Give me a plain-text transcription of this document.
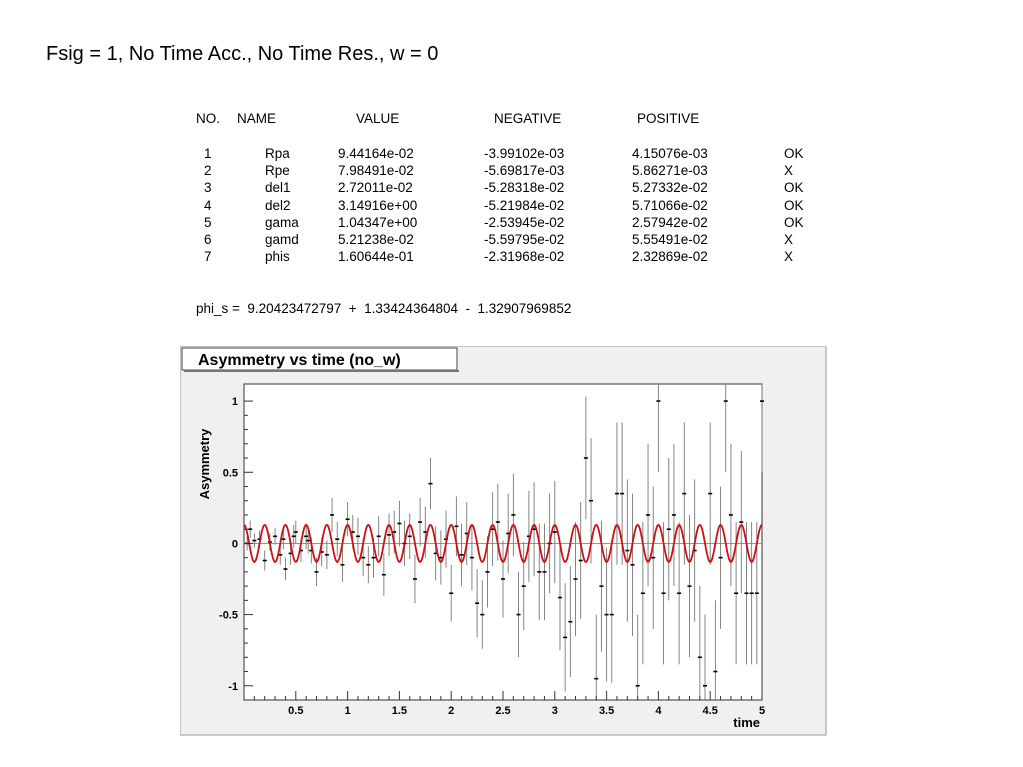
Fsig = 1, No Time Acc., No Time Res., w = 0
NO. NAME	VALUE	NEGATIVE	POSITIVE
1	Rpa	9.44164e-02	-3.99102e-03	4.15076e-03	OK
2	Rpe	7.98491e-02	-5.69817e-03	5.86271e-03	X
3	del1	2.72011e-02	-5.28318e-02	5.27332e-02	OK
4	del2	3.14916e+00	-5.21984e-02	5.71066e-02	OK
5	gama	1.04347e+00	-2.53945e-02	2.57942e-02	OK
6	gamd	5.21238e-02	-5.59795e-02	5.55491e-02	X
7	phis	1.60644e-01	-2.31968e-02	2.32869e-02	X
phi_s =  9.20423472797  +  1.33424364804  -  1.32907969852
Asymmetry vs time (no_w)
0.5	1	1.5	2	2.5	3	3.5	4	4.5	5
-1
-0.5
0
0.5
1
Asymmetry
time
